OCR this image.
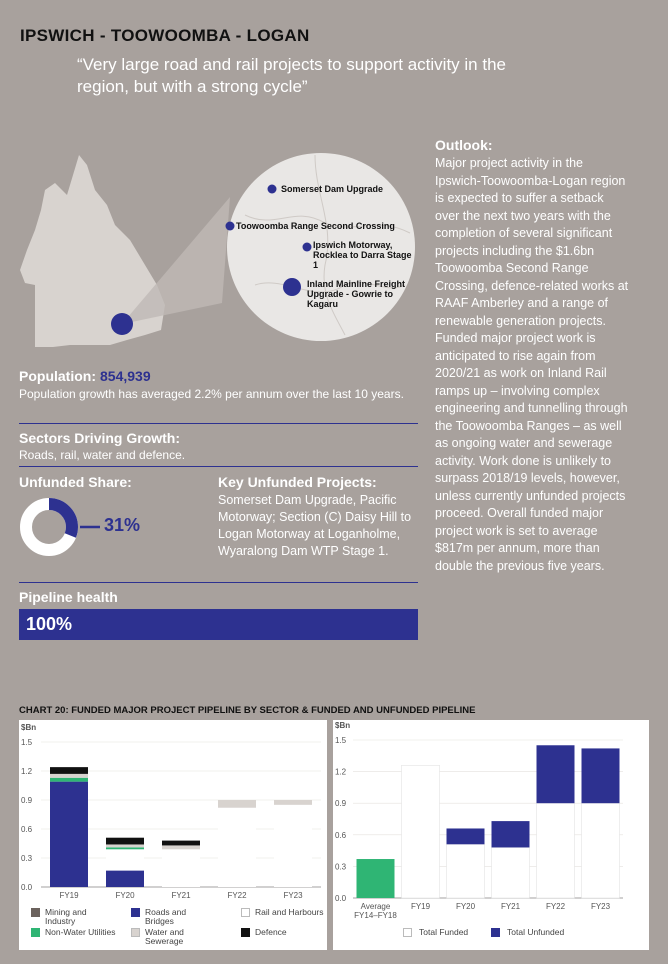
IPSWICH - TOOWOOMBA - LOGAN
“Very large road and rail projects to support activity in the region, but with a strong cycle”
Somerset Dam Upgrade
Toowoomba Range Second Crossing
Ipswich Motorway, Rocklea to Darra Stage 1
Inland Mainline Freight Upgrade - Gowrie to Kagaru
Outlook:
Major project activity in the Ipswich-Toowoomba-Logan region is expected to suffer a setback over the next two years with the completion of several significant projects including the $1.6bn Toowoomba Second Range Crossing, defence-related works at RAAF Amberley and a range of renewable generation projects. Funded major project work is anticipated to rise again from 2020/21 as work on Inland Rail ramps up – involving complex engineering and tunnelling through the Toowoomba Ranges – as well as ongoing water and sewerage activity. Work done is unlikely to surpass 2018/19 levels, however, unless currently unfunded projects proceed. Overall funded major project work is set to average $817m per annum, more than double the previous five years.
Population: 854,939
Population growth has averaged 2.2% per annum over the last 10 years.
Sectors Driving Growth:
Roads, rail, water and defence.
Unfunded Share:
31%
Key Unfunded Projects:
Somerset Dam Upgrade, Pacific Motorway; Section (C) Daisy Hill to Logan Motorway at Loganholme, Wyaralong Dam WTP Stage 1.
Pipeline health
100%
CHART 20: FUNDED MAJOR PROJECT PIPELINE BY SECTOR & FUNDED AND UNFUNDED PIPELINE
$Bn
0.0
0.3
0.6
0.9
1.2
1.5
FY19	FY20	FY21	FY22	FY23
Mining and Industry
Roads and Bridges
Rail and Harbours
Non-Water Utilities	Water and Sewerage
Defence
$Bn
0.0
0.3
0.6
0.9
1.2
1.5
Average
FY14–FY18
FY19	FY20	FY21	FY22	FY23
Total Funded	Total Unfunded
